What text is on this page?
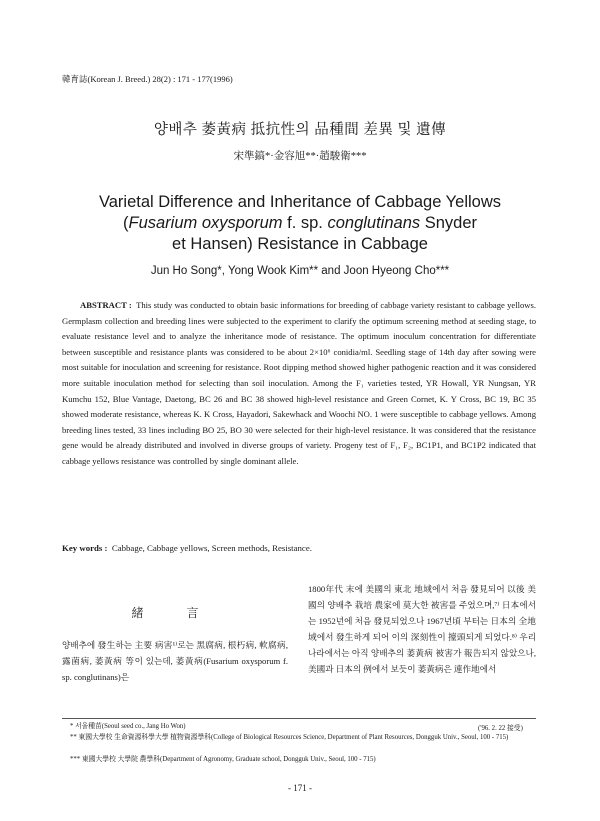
韓育誌(Korean J. Breed.) 28(2) : 171 - 177(1996)
양배추 萎黃病 抵抗性의 品種間 差異 및 遺傳
宋準鎬*·金容旭**·趙駿衛***
Varietal Difference and Inheritance of Cabbage Yellows
(Fusarium oxysporum f. sp. conglutinans Snyder
et Hansen) Resistance in Cabbage
Jun Ho Song*, Yong Wook Kim** and Joon Hyeong Cho***
ABSTRACT : This study was conducted to obtain basic informations for breeding of cabbage variety resistant to cabbage yellows. Germplasm collection and breeding lines were subjected to the experiment to clarify the optimum screening method at seeding stage, to evaluate resistance level and to analyze the inheritance mode of resistance. The optimum inoculum concentration for differentiate between susceptible and resistance plants was considered to be about 2×10⁶ conidia/ml. Seedling stage of 14th day after sowing were most suitable for inoculation and screening for resistance. Root dipping method showed higher pathogenic reaction and it was considered more suitable inoculation method for selecting than soil inoculation. Among the F₁ varieties tested, YR Howall, YR Nungsan, YR Kumchu 152, Blue Vantage, Daetong, BC 26 and BC 38 showed high-level resistance and Green Cornet, K. Y Cross, BC 19, BC 35 showed moderate resistance, whereas K. K Cross, Hayadori, Sakewhack and Woochi NO. 1 were susceptible to cabbage yellows. Among breeding lines tested, 33 lines including BO 25, BO 30 were selected for their high-level resistance. It was considered that the resistance gene would be already distributed and involved in diverse groups of variety. Progeny test of F₁, F₂, BC1P1, and BC1P2 indicated that cabbage yellows resistance was controlled by single dominant allele.
Key words : Cabbage, Cabbage yellows, Screen methods, Resistance.
緒 言
양배추에 發生하는 主要 病害¹⁾로는 黑腐病, 根朽病, 軟腐病, 露菌病, 萎黃病 等이 있는데, 萎黃病(Fusarium oxysporum f. sp. conglutinans)은
1800年代 末에 美國의 東北 地域에서 처음 發見되어 以後 美國의 양배추 栽培 農家에 莫大한 被害를 주었으며,⁷⁾ 日本에서는 1952년에 처음 發見되었으나 1967년頃 부터는 日本의 全地域에서 發生하게 되어 이의 深刻性이 擡頭되게 되었다.⁸⁾ 우리 나라에서는 아직 양배추의 萎黃病 被害가 報告되지 않았으나, 美國과 日本의 例에서 보듯이 萎黃病은 連作地에서
* 서울種苗(Seoul seed co., Jang Ho Won)	('96. 2. 22 接受)
** 東國大學校 生命資源科學大學 植物資源學科(College of Biological Resources Science, Department of Plant Resources, Dongguk Univ., Seoul, 100 - 715)
*** 東國大學校 大學院 農學科(Department of Agronomy, Graduate school, Dongguk Univ., Seoul, 100 - 715)
- 171 -
